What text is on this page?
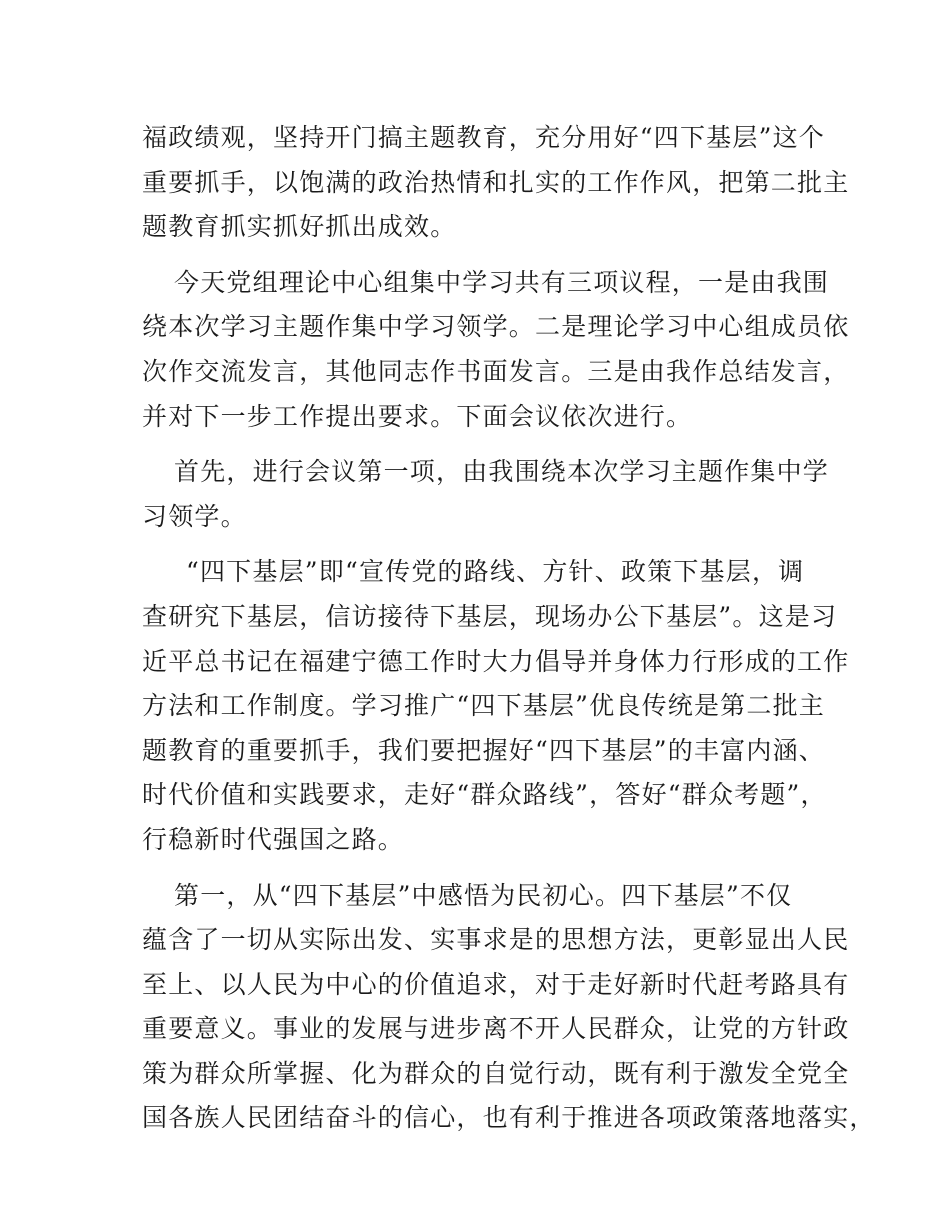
福政绩观，坚持开门搞主题教育，充分用好“四下基层”这个
重要抓手，以饱满的政治热情和扎实的工作作风，把第二批主
题教育抓实抓好抓出成效。

今天党组理论中心组集中学习共有三项议程，一是由我围
绕本次学习主题作集中学习领学。二是理论学习中心组成员依
次作交流发言，其他同志作书面发言。三是由我作总结发言，
并对下一步工作提出要求。下面会议依次进行。

首先，进行会议第一项，由我围绕本次学习主题作集中学
习领学。

“四下基层”即“宣传党的路线、方针、政策下基层，调
查研究下基层，信访接待下基层，现场办公下基层”。这是习
近平总书记在福建宁德工作时大力倡导并身体力行形成的工作
方法和工作制度。学习推广“四下基层”优良传统是第二批主
题教育的重要抓手，我们要把握好“四下基层”的丰富内涵、
时代价值和实践要求，走好“群众路线”，答好“群众考题”，
行稳新时代强国之路。

第一，从“四下基层”中感悟为民初心。四下基层”不仅
蕴含了一切从实际出发、实事求是的思想方法，更彰显出人民
至上、以人民为中心的价值追求，对于走好新时代赶考路具有
重要意义。事业的发展与进步离不开人民群众，让党的方针政
策为群众所掌握、化为群众的自觉行动，既有利于激发全党全
国各族人民团结奋斗的信心，也有利于推进各项政策落地落实，
